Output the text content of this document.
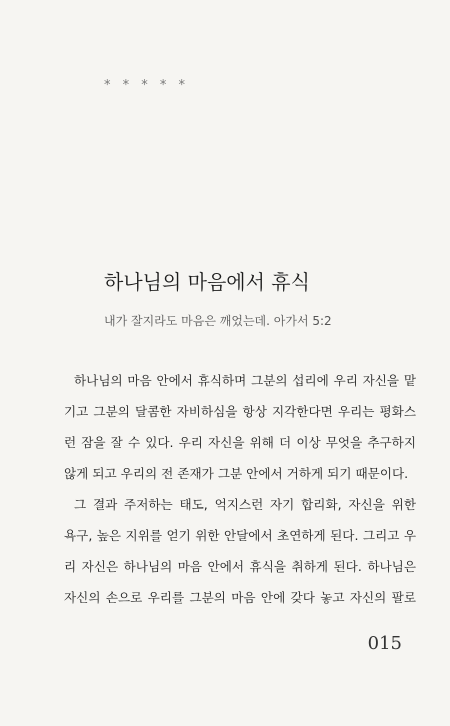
* * * * *
하나님의 마음에서 휴식
내가 잘지라도 마음은 깨었는데. 아가서 5:2
하나님의 마음 안에서 휴식하며 그분의 섭리에 우리 자신을 맡
기고 그분의 달콤한 자비하심을 항상 지각한다면 우리는 평화스
런 잠을 잘 수 있다. 우리 자신을 위해 더 이상 무엇을 추구하지
않게 되고 우리의 전 존재가 그분 안에서 거하게 되기 때문이다.
그 결과 주저하는 태도, 억지스런 자기 합리화, 자신을 위한
욕구, 높은 지위를 얻기 위한 안달에서 초연하게 된다. 그리고 우
리 자신은 하나님의 마음 안에서 휴식을 취하게 된다. 하나님은
자신의 손으로 우리를 그분의 마음 안에 갖다 놓고 자신의 팔로
015
